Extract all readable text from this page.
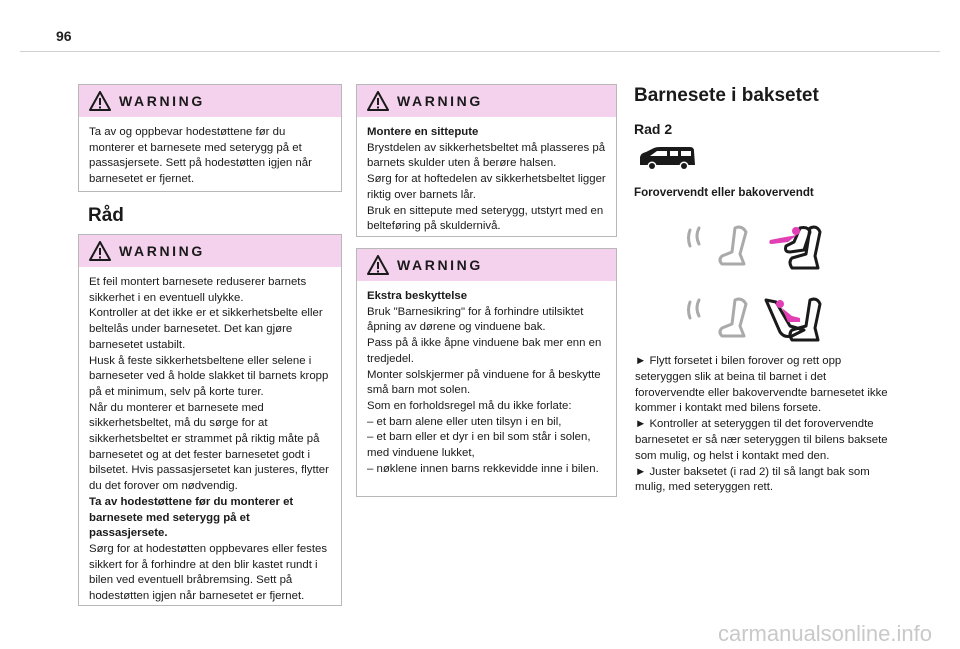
96
WARNING

Ta av og oppbevar hodestøttene før du monterer et barnesete med seterygg på et passasjersete. Sett på hodestøtten igjen når barnesetet er fjernet.

Råd
WARNING

Et feil montert barnesete reduserer barnets sikkerhet i en eventuell ulykke.

Kontroller at det ikke er et sikkerhetsbelte eller beltelås under barnesetet. Det kan gjøre barnesetet ustabilt.

Husk å feste sikkerhetsbeltene eller selene i barneseter ved å holde slakket til barnets kropp på et minimum, selv på korte turer.

Når du monterer et barnesete med sikkerhetsbeltet, må du sørge for at sikkerhetsbeltet er strammet på riktig måte på barnesetet og at det fester barnesetet godt i bilsetet. Hvis passasjersetet kan justeres, flytter du det forover om nødvendig.

Ta av hodestøttene før du monterer et barnesete med seterygg på et passasjersete.

Sørg for at hodestøtten oppbevares eller festes sikkert for å forhindre at den blir kastet rundt i bilen ved eventuell bråbremsing. Sett på hodestøtten igjen når barnesetet er fjernet.

WARNING

Montere en sittepute

Brystdelen av sikkerhetsbeltet må plasseres på barnets skulder uten å berøre halsen.

Sørg for at hoftedelen av sikkerhetsbeltet ligger riktig over barnets lår.

Bruk en sittepute med seterygg, utstyrt med en belteføring på skuldernivå.

WARNING

Ekstra beskyttelse

Bruk "Barnesikring" for å forhindre utilsiktet åpning av dørene og vinduene bak.

Pass på å ikke åpne vinduene bak mer enn en tredjedel.

Monter solskjermer på vinduene for å beskytte små barn mot solen.

Som en forholdsregel må du ikke forlate:

– et barn alene eller uten tilsyn i en bil,

– et barn eller et dyr i en bil som står i solen, med vinduene lukket,

– nøklene innen barns rekkevidde inne i bilen.

Barnesete i baksetet
Rad 2
Forovervendt eller bakovervendt

► Flytt forsetet i bilen forover og rett opp seteryggen slik at beina til barnet i det forovervendte eller bakovervendte barnesetet ikke kommer i kontakt med bilens forsete.

► Kontroller at seteryggen til det forovervendte barnesetet er så nær seteryggen til bilens baksete som mulig, og helst i kontakt med den.

► Juster baksetet (i rad 2) til så langt bak som mulig, med seteryggen rett.

carmanualsonline.info
